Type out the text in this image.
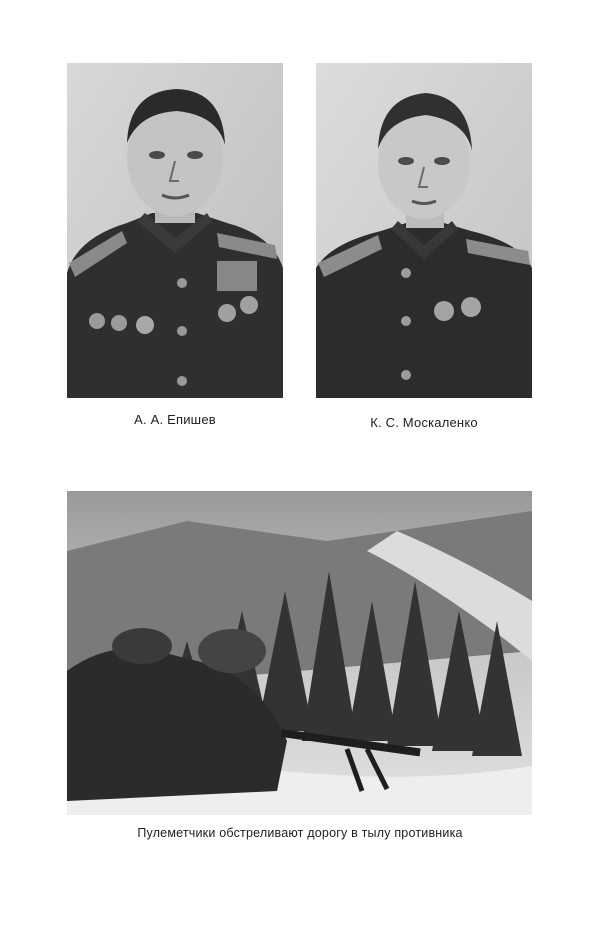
А. А. Епишев	К. С. Москаленко
Пулеметчики обстреливают дорогу в тылу противника
